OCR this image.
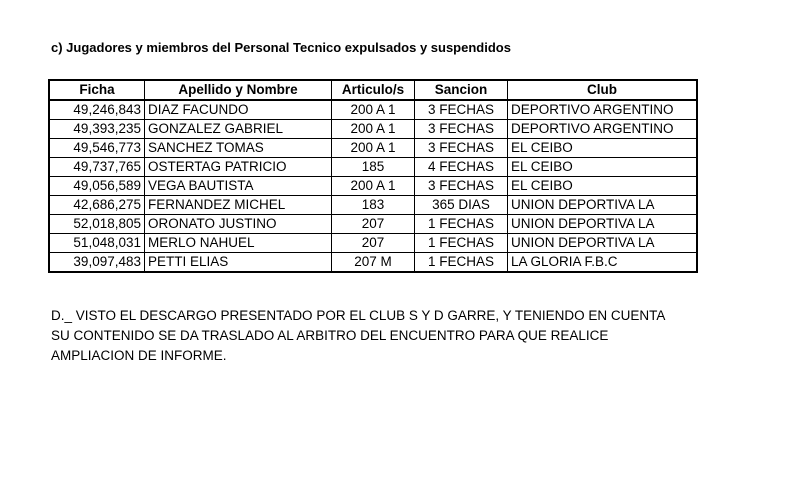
c) Jugadores y miembros del Personal Tecnico expulsados y suspendidos
Ficha	Apellido y Nombre	Articulo/s	Sancion	Club
49,246,843	DIAZ FACUNDO	200 A 1	3 FECHAS	DEPORTIVO ARGENTINO
49,393,235	GONZALEZ GABRIEL	200 A 1	3 FECHAS	DEPORTIVO ARGENTINO
49,546,773	SANCHEZ TOMAS	200 A 1	3 FECHAS	EL CEIBO
49,737,765	OSTERTAG PATRICIO	185	4 FECHAS	EL CEIBO
49,056,589	VEGA BAUTISTA	200 A 1	3 FECHAS	EL CEIBO
42,686,275	FERNANDEZ MICHEL	183	365 DIAS	UNION DEPORTIVA LA
52,018,805	ORONATO JUSTINO	207	1 FECHAS	UNION DEPORTIVA LA
51,048,031	MERLO NAHUEL	207	1 FECHAS	UNION DEPORTIVA LA
39,097,483	PETTI ELIAS	207 M	1 FECHAS	LA GLORIA F.B.C
D._ VISTO EL DESCARGO PRESENTADO POR EL CLUB S Y D GARRE, Y TENIENDO EN CUENTA
SU CONTENIDO SE DA TRASLADO AL ARBITRO DEL ENCUENTRO PARA QUE REALICE
AMPLIACION DE INFORME.
